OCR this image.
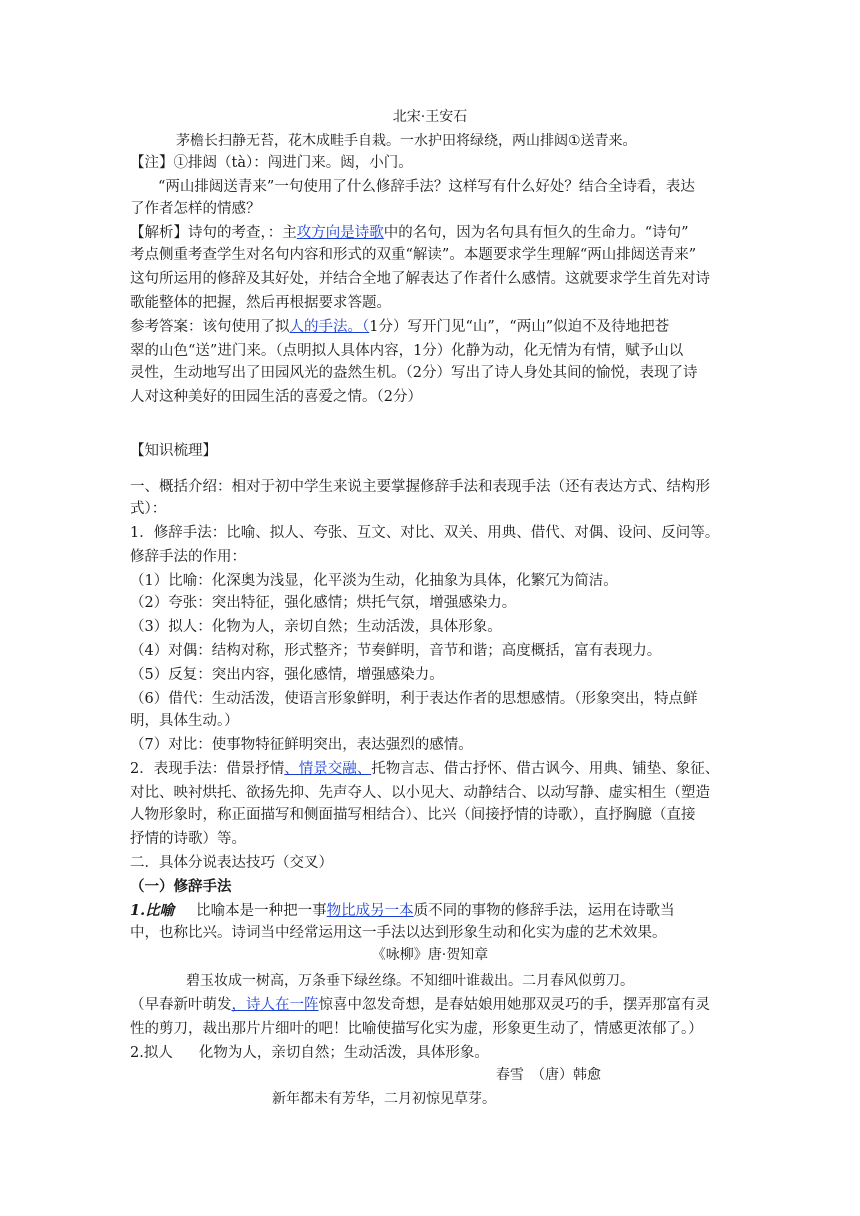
北宋·王安石
茅檐长扫静无苔，花木成畦手自栽。一水护田将绿绕，两山排闼①送青来。
【注】①排闼（tà）：闯进门来。闼，小门。
“两山排闼送青来”一句使用了什么修辞手法？这样写有什么好处？结合全诗看，表达
了作者怎样的情感？
【解析】诗句的考查，：主攻方向是诗歌中的名句，因为名句具有恒久的生命力。“诗句”
考点侧重考查学生对名句内容和形式的双重“解读”。本题要求学生理解“两山排闼送青来”
这句所运用的修辞及其好处，并结合全地了解表达了作者什么感情。这就要求学生首先对诗
歌能整体的把握，然后再根据要求答题。
参考答案：该句使用了拟人的手法。（1分）写开门见“山”，“两山”似迫不及待地把苍
翠的山色“送”进门来。（点明拟人具体内容，1分）化静为动，化无情为有情，赋予山以
灵性，生动地写出了田园风光的盎然生机。（2分）写出了诗人身处其间的愉悦，表现了诗
人对这种美好的田园生活的喜爱之情。（2分）
【知识梳理】
一、概括介绍：相对于初中学生来说主要掌握修辞手法和表现手法（还有表达方式、结构形
式）：
1．修辞手法：比喻、拟人、夸张、互文、对比、双关、用典、借代、对偶、设问、反问等。
修辞手法的作用：
（1）比喻：化深奥为浅显，化平淡为生动，化抽象为具体，化繁冗为简洁。
（2）夸张：突出特征，强化感情；烘托气氛，增强感染力。
（3）拟人：化物为人，亲切自然；生动活泼，具体形象。
（4）对偶：结构对称，形式整齐；节奏鲜明，音节和谐；高度概括，富有表现力。
（5）反复：突出内容，强化感情，增强感染力。
（6）借代：生动活泼，使语言形象鲜明，利于表达作者的思想感情。（形象突出，特点鲜
明，具体生动。）
（7）对比：使事物特征鲜明突出，表达强烈的感情。
2．表现手法：借景抒情、情景交融、托物言志、借古抒怀、借古讽今、用典、铺垫、象征、
对比、映衬烘托、欲扬先抑、先声夺人、以小见大、动静结合、以动写静、虚实相生（塑造
人物形象时，称正面描写和侧面描写相结合）、比兴（间接抒情的诗歌），直抒胸臆（直接
抒情的诗歌）等。
二．具体分说表达技巧（交叉）
（一）修辞手法
1.比喻 比喻本是一种把一事物比成另一本质不同的事物的修辞手法，运用在诗歌当
中，也称比兴。诗词当中经常运用这一手法以达到形象生动和化实为虚的艺术效果。
《咏柳》唐·贺知章
碧玉妆成一树高，万条垂下绿丝绦。不知细叶谁裁出。二月春风似剪刀。
（早春新叶萌发，诗人在一阵惊喜中忽发奇想，是春姑娘用她那双灵巧的手，摆弄那富有灵
性的剪刀，裁出那片片细叶的吧！比喻使描写化实为虚，形象更生动了，情感更浓郁了。）
2.拟人 化物为人，亲切自然；生动活泼，具体形象。
春雪　（唐）韩愈
新年都未有芳华，二月初惊见草芽。
